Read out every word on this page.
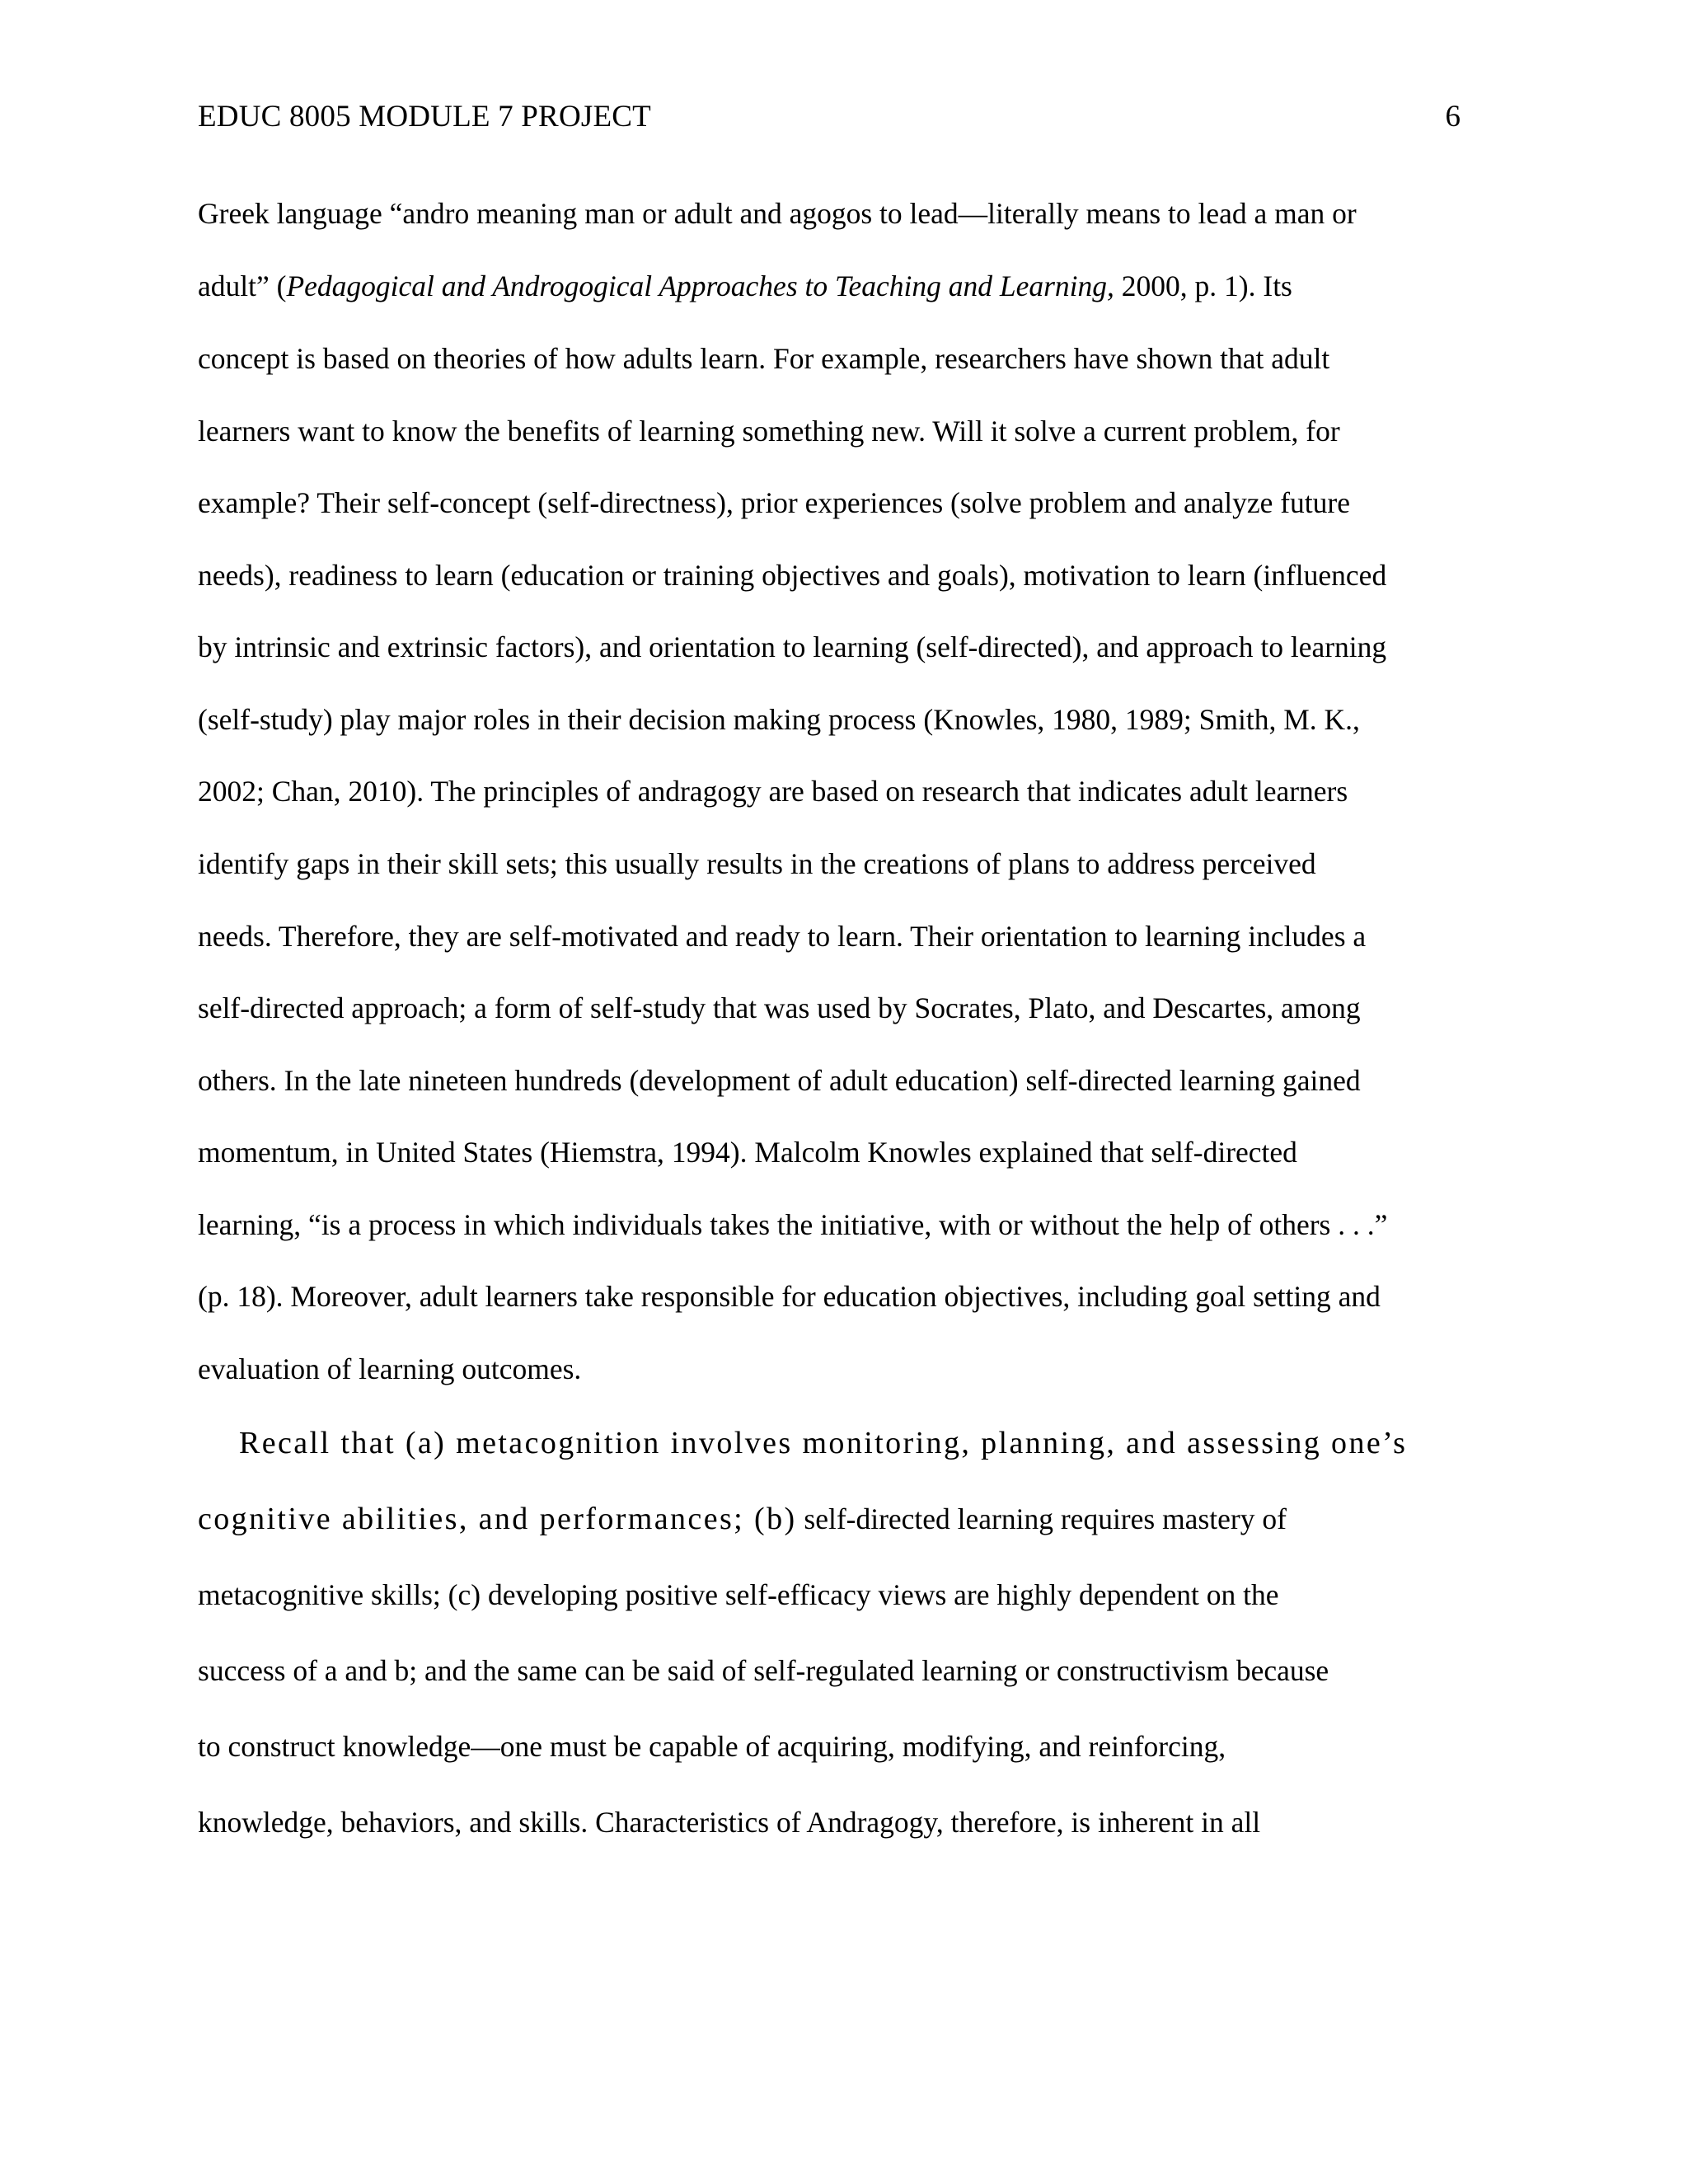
EDUC 8005 MODULE 7 PROJECT	6
Greek language “andro meaning man or adult and agogos to lead—literally means to lead a man or
adult” (Pedagogical and Androgogical Approaches to Teaching and Learning, 2000, p. 1). Its
concept is based on theories of how adults learn. For example, researchers have shown that adult
learners want to know the benefits of learning something new. Will it solve a current problem, for
example? Their self-concept (self-directness), prior experiences (solve problem and analyze future
needs), readiness to learn (education or training objectives and goals), motivation to learn (influenced
by intrinsic and extrinsic factors), and orientation to learning (self-directed), and approach to learning
(self-study) play major roles in their decision making process (Knowles, 1980, 1989; Smith, M. K.,
2002; Chan, 2010). The principles of andragogy are based on research that indicates adult learners
identify gaps in their skill sets; this usually results in the creations of plans to address perceived
needs. Therefore, they are self-motivated and ready to learn. Their orientation to learning includes a
self-directed approach; a form of self-study that was used by Socrates, Plato, and Descartes, among
others. In the late nineteen hundreds (development of adult education) self-directed learning gained
momentum, in United States (Hiemstra, 1994). Malcolm Knowles explained that self-directed
learning, “is a process in which individuals takes the initiative, with or without the help of others . . .”
(p. 18). Moreover, adult learners take responsible for education objectives, including goal setting and
evaluation of learning outcomes.
Recall that (a) metacognition involves monitoring, planning, and assessing one’s
cognitive abilities, and performances; (b) self-directed learning requires mastery of
metacognitive skills; (c) developing positive self-efficacy views are highly dependent on the
success of a and b; and the same can be said of self-regulated learning or constructivism because
to construct knowledge—one must be capable of acquiring, modifying, and reinforcing,
knowledge, behaviors, and skills. Characteristics of Andragogy, therefore, is inherent in all
